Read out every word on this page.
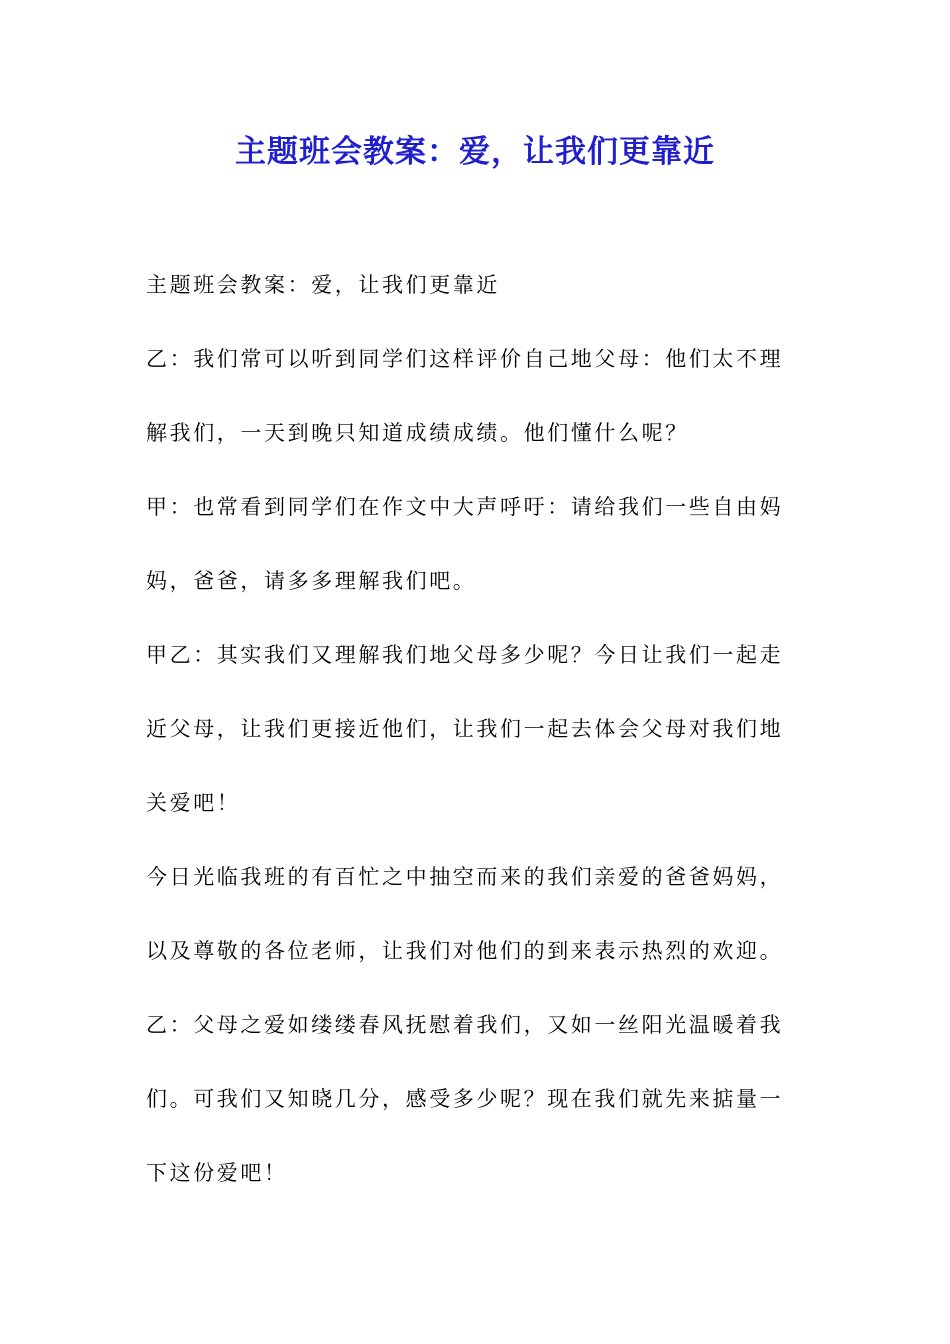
主题班会教案：爱，让我们更靠近
主题班会教案：爱，让我们更靠近
乙：我们常可以听到同学们这样评价自己地父母：他们太不理
解我们，一天到晚只知道成绩成绩。他们懂什么呢？
甲：也常看到同学们在作文中大声呼吁：请给我们一些自由妈
妈，爸爸，请多多理解我们吧。
甲乙：其实我们又理解我们地父母多少呢？今日让我们一起走
近父母，让我们更接近他们，让我们一起去体会父母对我们地
关爱吧！
今日光临我班的有百忙之中抽空而来的我们亲爱的爸爸妈妈，
以及尊敬的各位老师，让我们对他们的到来表示热烈的欢迎。
乙：父母之爱如缕缕春风抚慰着我们，又如一丝阳光温暖着我
们。可我们又知晓几分，感受多少呢？现在我们就先来掂量一
下这份爱吧！
